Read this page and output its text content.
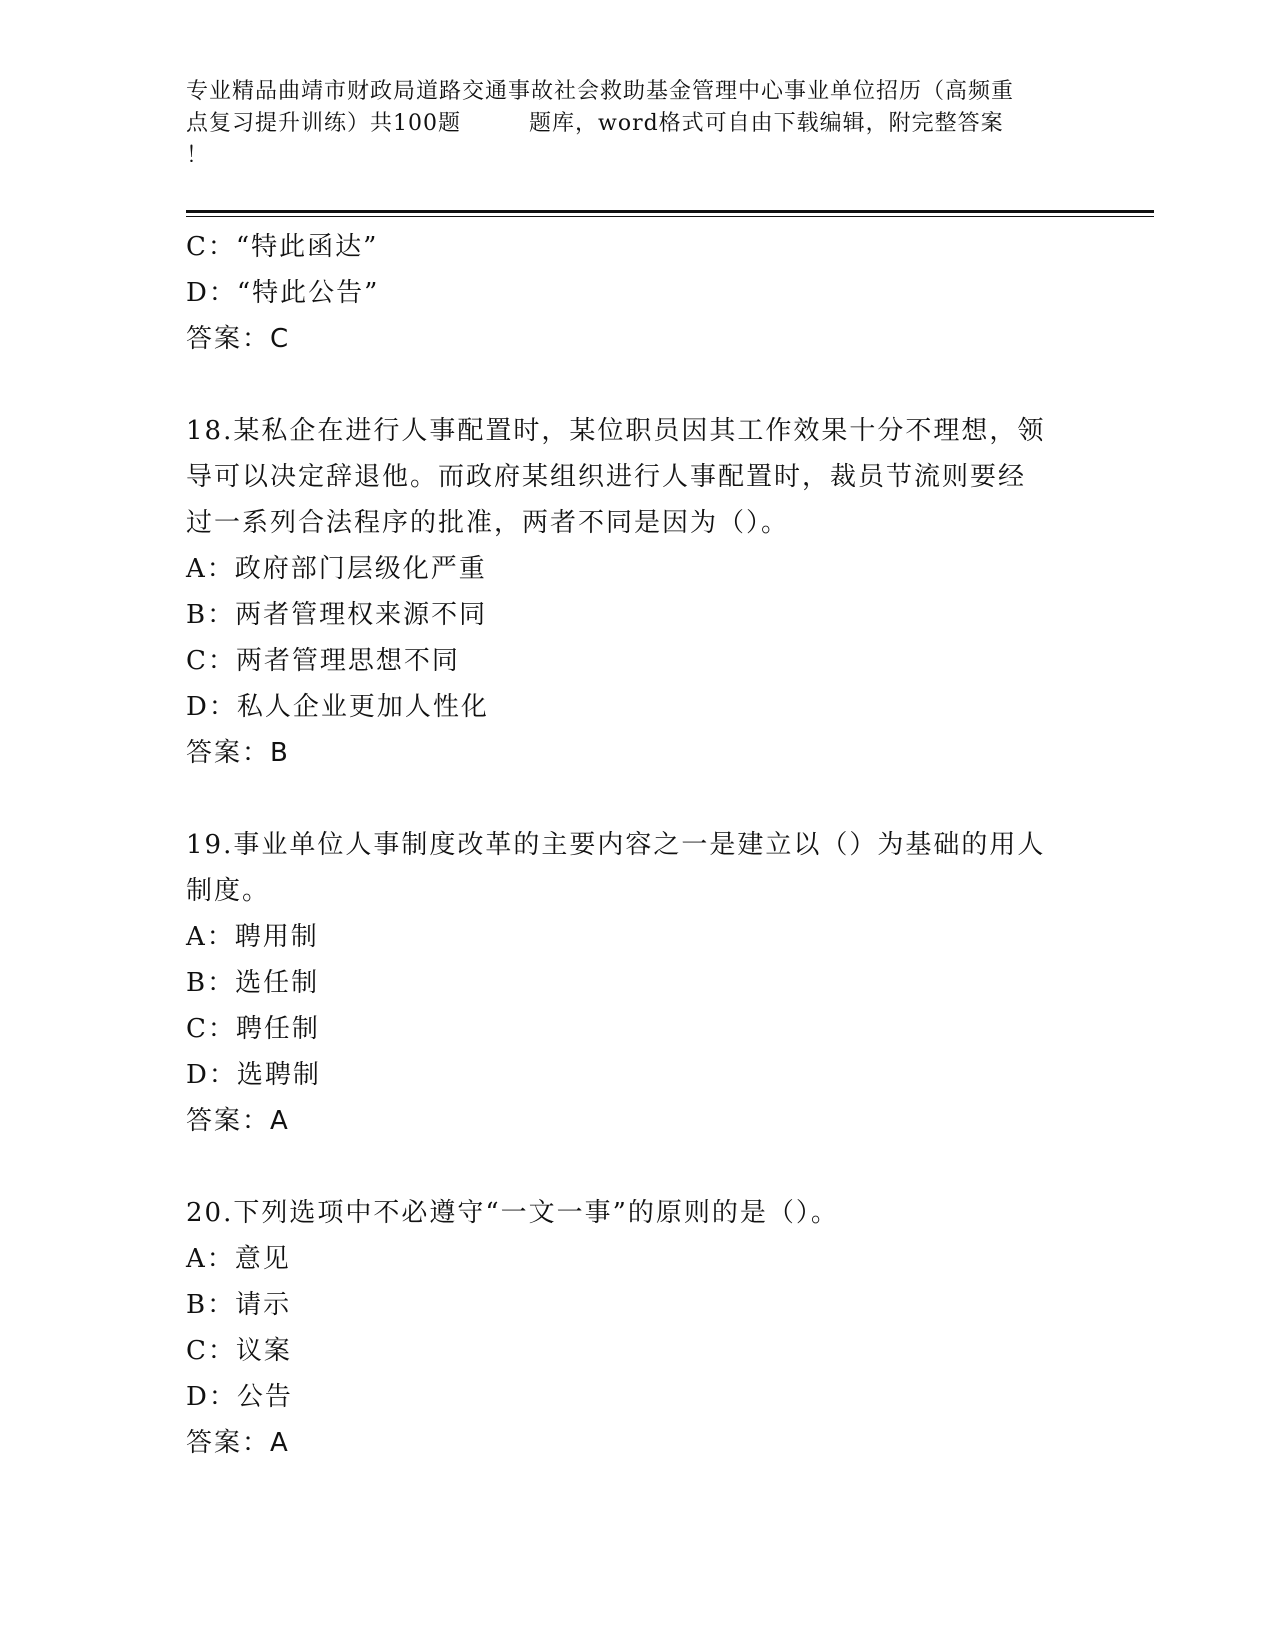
专业精品曲靖市财政局道路交通事故社会救助基金管理中心事业单位招历（高频重
点复习提升训练）共100题	题库，word格式可自由下载编辑，附完整答案
！
C：“特此函达”
D：“特此公告”
答案：C
18.某私企在进行人事配置时，某位职员因其工作效果十分不理想，领
导可以决定辞退他。而政府某组织进行人事配置时，裁员节流则要经
过一系列合法程序的批准，两者不同是因为（）。
A：政府部门层级化严重
B：两者管理权来源不同
C：两者管理思想不同
D：私人企业更加人性化
答案：B
19.事业单位人事制度改革的主要内容之一是建立以（）为基础的用人
制度。
A：聘用制
B：选任制
C：聘任制
D：选聘制
答案：A
20.下列选项中不必遵守“一文一事”的原则的是（）。
A：意见
B：请示
C：议案
D：公告
答案：A
